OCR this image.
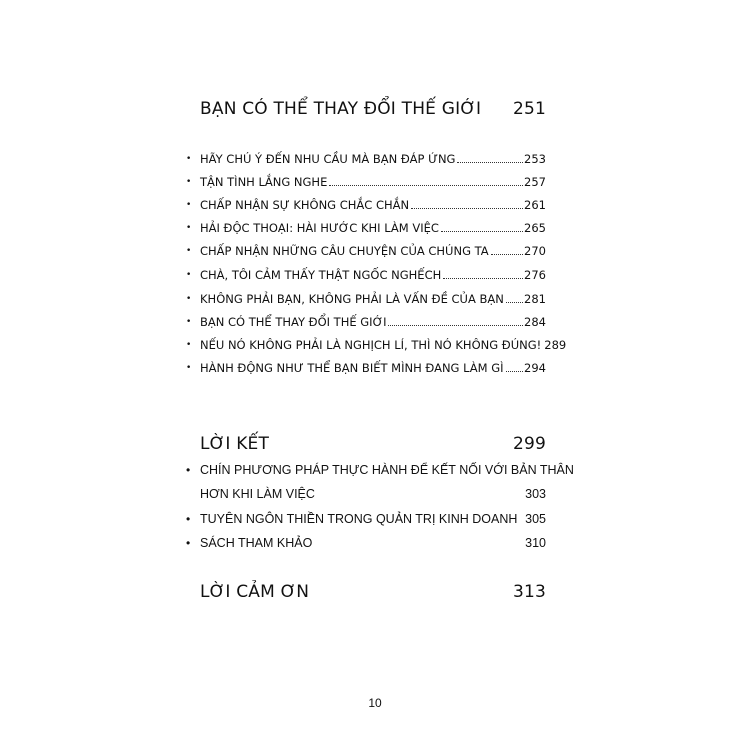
BẠN CÓ THỂ THAY ĐỔI THẾ GIỚI 251
• HÃY CHÚ Ý ĐẾN NHU CẦU MÀ BẠN ĐÁP ỨNG	253
• TẬN TÌNH LẮNG NGHE	257
• CHẤP NHẬN SỰ KHÔNG CHẮC CHẮN	261
• HẢI ĐỘC THOẠI: HÀI HƯỚC KHI LÀM VIỆC	265
• CHẤP NHẬN NHỮNG CÂU CHUYỆN CỦA CHÚNG TA	270
• CHÀ, TÔI CẢM THẤY THẬT NGỐC NGHẾCH	276
• KHÔNG PHẢI BẠN, KHÔNG PHẢI LÀ VẤN ĐỀ CỦA BẠN 281
• BẠN CÓ THỂ THAY ĐỔI THẾ GIỚI	284
• NẾU NÓ KHÔNG PHẢI LÀ NGHỊCH LÍ, THÌ NÓ KHÔNG ĐÚNG! 289
• HÀNH ĐỘNG NHƯ THỂ BẠN BIẾT MÌNH ĐANG LÀM GÌ 294
LỜI KẾT	299
• CHÍN PHƯƠNG PHÁP THỰC HÀNH ĐỂ KẾT NỐI VỚI BẢN THÂN
HƠN KHI LÀM VIỆC	303
• TUYÊN NGÔN THIỀN TRONG QUẢN TRỊ KINH DOANH 305
• SÁCH THAM KHẢO	310
LỜI CẢM ƠN	313
10
